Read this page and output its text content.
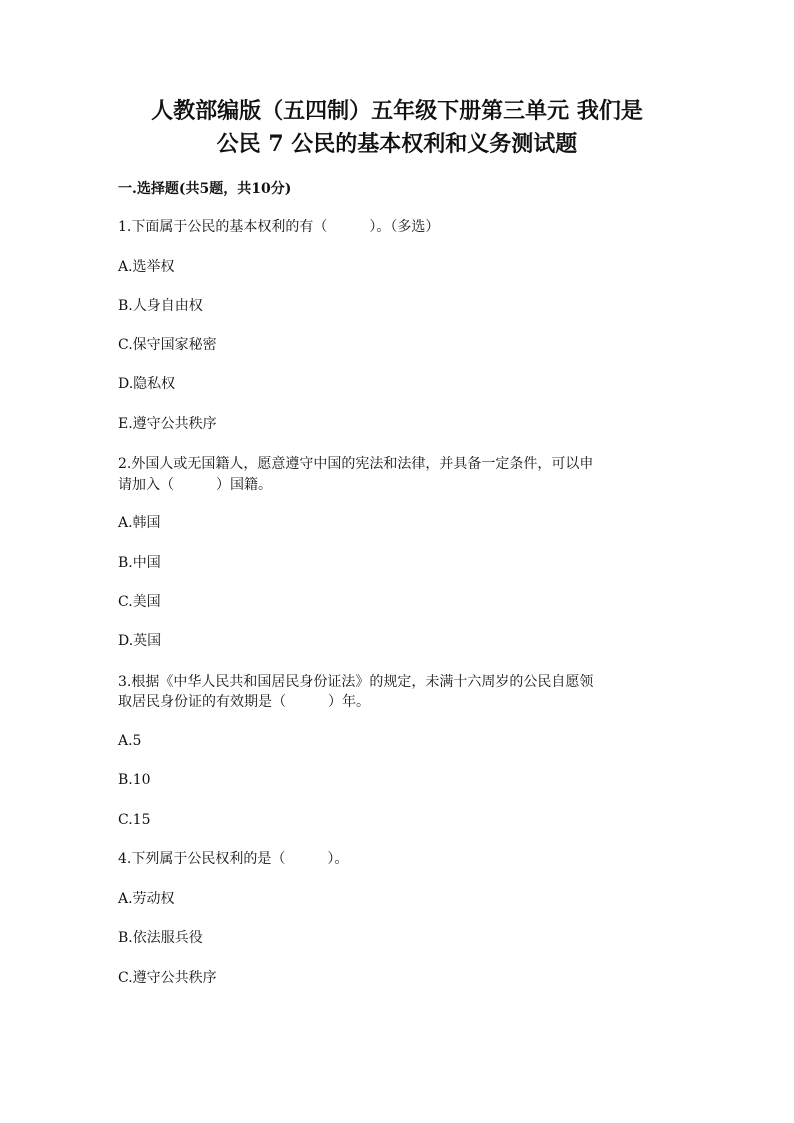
人教部编版（五四制）五年级下册第三单元 我们是
公民 7 公民的基本权利和义务测试题
一.选择题(共5题，共10分)
1.下面属于公民的基本权利的有（　　　）。（多选）
A.选举权
B.人身自由权
C.保守国家秘密
D.隐私权
E.遵守公共秩序
2.外国人或无国籍人，愿意遵守中国的宪法和法律，并具备一定条件，可以申
请加入（　　　）国籍。
A.韩国
B.中国
C.美国
D.英国
3.根据《中华人民共和国居民身份证法》的规定，未满十六周岁的公民自愿领
取居民身份证的有效期是（　　　）年。
A.5
B.10
C.15
4.下列属于公民权利的是（　　　）。
A.劳动权
B.依法服兵役
C.遵守公共秩序
